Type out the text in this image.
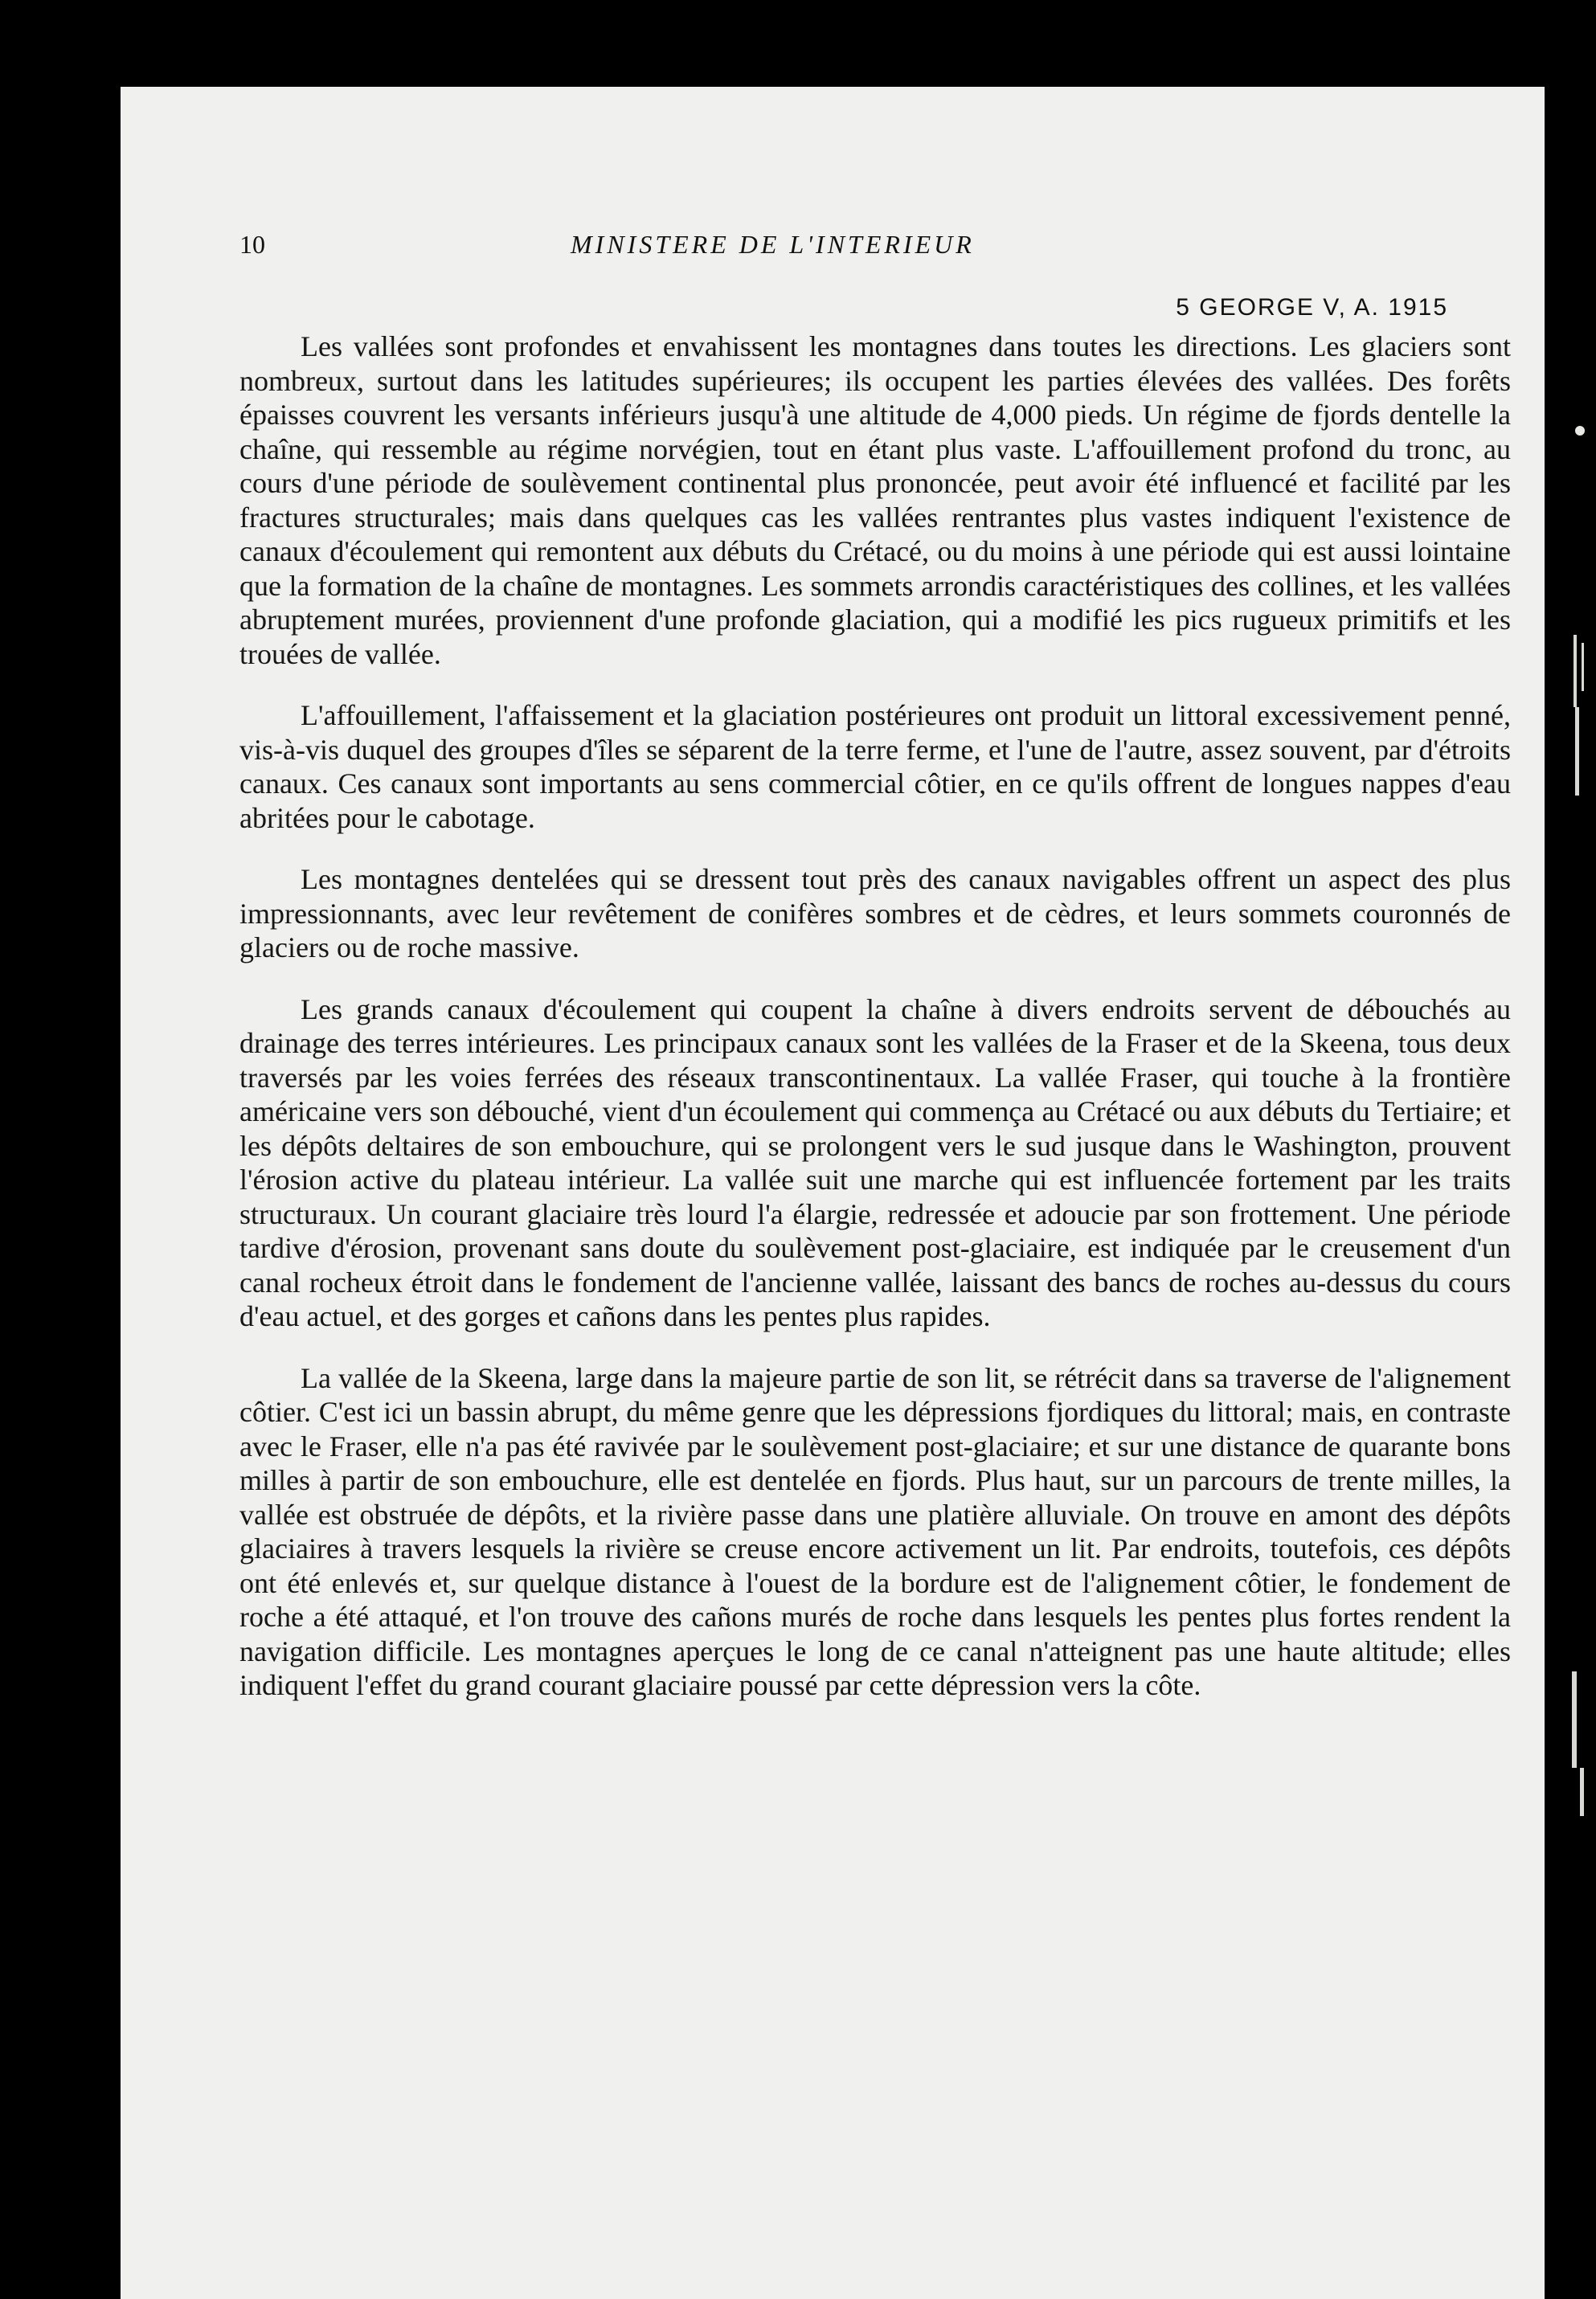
10	MINISTERE DE L'INTERIEUR
5 GEORGE V, A. 1915

Les vallées sont profondes et envahissent les montagnes dans toutes les directions. Les glaciers sont nombreux, surtout dans les latitudes supérieures; ils occupent les parties élevées des vallées. Des forêts épaisses couvrent les versants inférieurs jusqu'à une altitude de 4,000 pieds. Un régime de fjords dentelle la chaîne, qui ressemble au régime norvégien, tout en étant plus vaste. L'affouillement profond du tronc, au cours d'une période de soulèvement continental plus prononcée, peut avoir été influencé et facilité par les fractures structurales; mais dans quelques cas les vallées rentrantes plus vastes indiquent l'existence de canaux d'écoulement qui remontent aux débuts du Crétacé, ou du moins à une période qui est aussi lointaine que la formation de la chaîne de montagnes. Les sommets arrondis caractéristiques des collines, et les vallées abruptement murées, proviennent d'une profonde glaciation, qui a modifié les pics rugueux primitifs et les trouées de vallée.

L'affouillement, l'affaissement et la glaciation postérieures ont produit un littoral excessivement penné, vis-à-vis duquel des groupes d'îles se séparent de la terre ferme, et l'une de l'autre, assez souvent, par d'étroits canaux. Ces canaux sont importants au sens commercial côtier, en ce qu'ils offrent de longues nappes d'eau abritées pour le cabotage.

Les montagnes dentelées qui se dressent tout près des canaux navigables offrent un aspect des plus impressionnants, avec leur revêtement de conifères sombres et de cèdres, et leurs sommets couronnés de glaciers ou de roche massive.

Les grands canaux d'écoulement qui coupent la chaîne à divers endroits servent de débouchés au drainage des terres intérieures. Les principaux canaux sont les vallées de la Fraser et de la Skeena, tous deux traversés par les voies ferrées des réseaux transcontinentaux. La vallée Fraser, qui touche à la frontière américaine vers son débouché, vient d'un écoulement qui commença au Crétacé ou aux débuts du Tertiaire; et les dépôts deltaires de son embouchure, qui se prolongent vers le sud jusque dans le Washington, prouvent l'érosion active du plateau intérieur. La vallée suit une marche qui est influencée fortement par les traits structuraux. Un courant glaciaire très lourd l'a élargie, redressée et adoucie par son frottement. Une période tardive d'érosion, provenant sans doute du soulèvement post-glaciaire, est indiquée par le creusement d'un canal rocheux étroit dans le fondement de l'ancienne vallée, laissant des bancs de roches au-dessus du cours d'eau actuel, et des gorges et cañons dans les pentes plus rapides.

La vallée de la Skeena, large dans la majeure partie de son lit, se rétrécit dans sa traverse de l'alignement côtier. C'est ici un bassin abrupt, du même genre que les dépressions fjordiques du littoral; mais, en contraste avec le Fraser, elle n'a pas été ravivée par le soulèvement post-glaciaire; et sur une distance de quarante bons milles à partir de son embouchure, elle est dentelée en fjords. Plus haut, sur un parcours de trente milles, la vallée est obstruée de dépôts, et la rivière passe dans une platière alluviale. On trouve en amont des dépôts glaciaires à travers lesquels la rivière se creuse encore activement un lit. Par endroits, toutefois, ces dépôts ont été enlevés et, sur quelque distance à l'ouest de la bordure est de l'alignement côtier, le fondement de roche a été attaqué, et l'on trouve des cañons murés de roche dans lesquels les pentes plus fortes rendent la navigation difficile. Les montagnes aperçues le long de ce canal n'atteignent pas une haute altitude; elles indiquent l'effet du grand courant glaciaire poussé par cette dépression vers la côte.
